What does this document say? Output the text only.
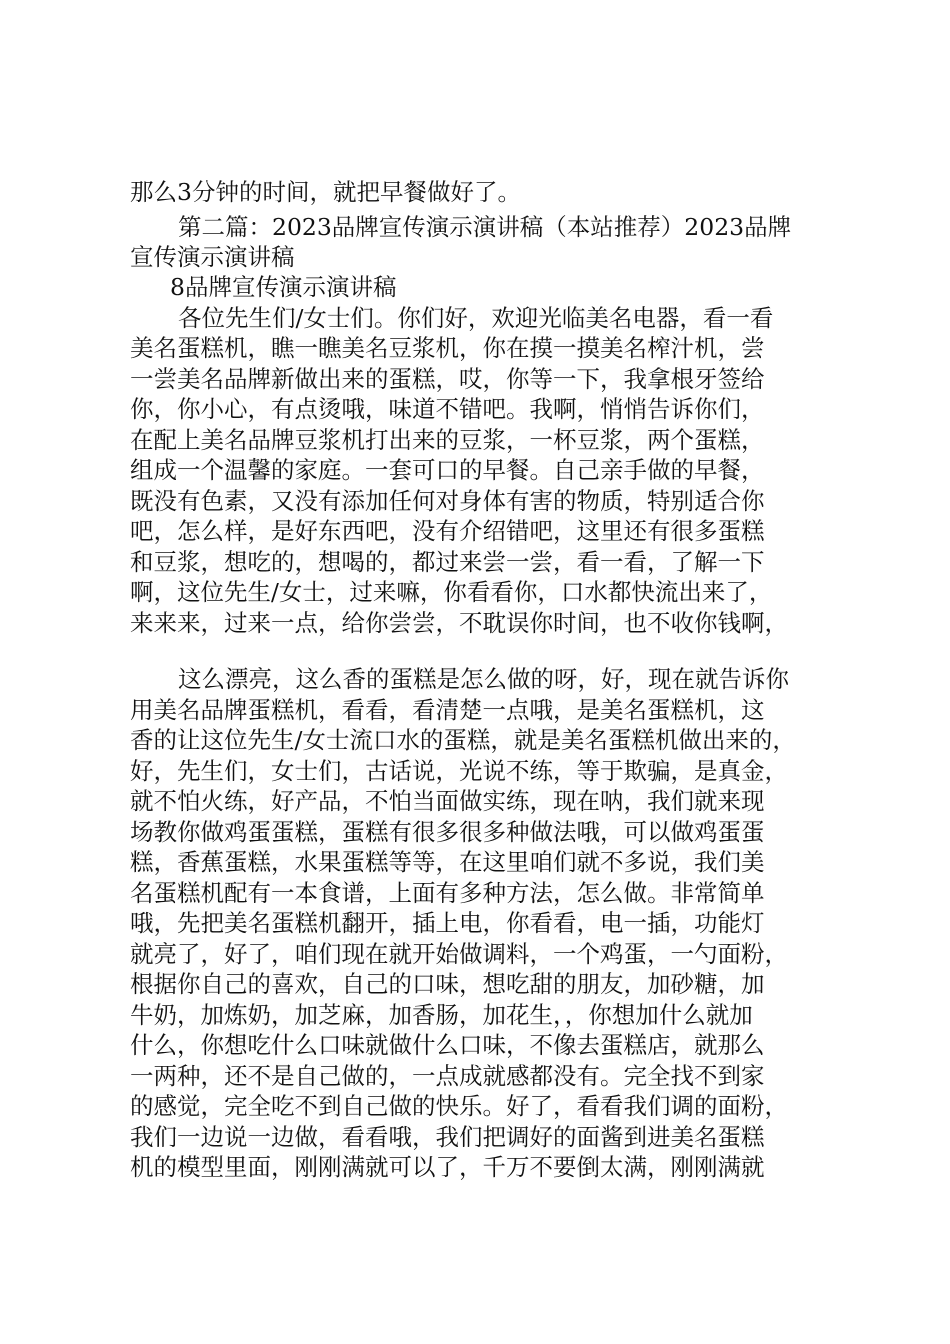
那么3分钟的时间，就把早餐做好了。
第二篇：2023品牌宣传演示演讲稿（本站推荐）2023品牌
宣传演示演讲稿
8品牌宣传演示演讲稿
各位先生们/女士们。你们好，欢迎光临美名电器，看一看
美名蛋糕机，瞧一瞧美名豆浆机，你在摸一摸美名榨汁机，尝
一尝美名品牌新做出来的蛋糕，哎，你等一下，我拿根牙签给
你，你小心，有点烫哦，味道不错吧。我啊，悄悄告诉你们，
在配上美名品牌豆浆机打出来的豆浆，一杯豆浆，两个蛋糕，
组成一个温馨的家庭。一套可口的早餐。自己亲手做的早餐，
既没有色素，又没有添加任何对身体有害的物质，特别适合你
吧，怎么样，是好东西吧，没有介绍错吧，这里还有很多蛋糕
和豆浆，想吃的，想喝的，都过来尝一尝，看一看，了解一下
啊，这位先生/女士，过来嘛，你看看你，口水都快流出来了，
来来来，过来一点，给你尝尝，不耽误你时间，也不收你钱啊，
这么漂亮，这么香的蛋糕是怎么做的呀，好，现在就告诉你
用美名品牌蛋糕机，看看，看清楚一点哦，是美名蛋糕机，这
香的让这位先生/女士流口水的蛋糕，就是美名蛋糕机做出来的，
好，先生们，女士们，古话说，光说不练，等于欺骗，是真金，
就不怕火练，好产品，不怕当面做实练，现在呐，我们就来现
场教你做鸡蛋蛋糕，蛋糕有很多很多种做法哦，可以做鸡蛋蛋
糕，香蕉蛋糕，水果蛋糕等等，在这里咱们就不多说，我们美
名蛋糕机配有一本食谱，上面有多种方法，怎么做。非常简单
哦，先把美名蛋糕机翻开，插上电，你看看，电一插，功能灯
就亮了，好了，咱们现在就开始做调料，一个鸡蛋，一勺面粉，
根据你自己的喜欢，自己的口味，想吃甜的朋友，加砂糖，加
牛奶，加炼奶，加芝麻，加香肠，加花生，，你想加什么就加
什么，你想吃什么口味就做什么口味，不像去蛋糕店，就那么
一两种，还不是自己做的，一点成就感都没有。完全找不到家
的感觉，完全吃不到自己做的快乐。好了，看看我们调的面粉，
我们一边说一边做，看看哦，我们把调好的面酱到进美名蛋糕
机的模型里面，刚刚满就可以了，千万不要倒太满，刚刚满就
